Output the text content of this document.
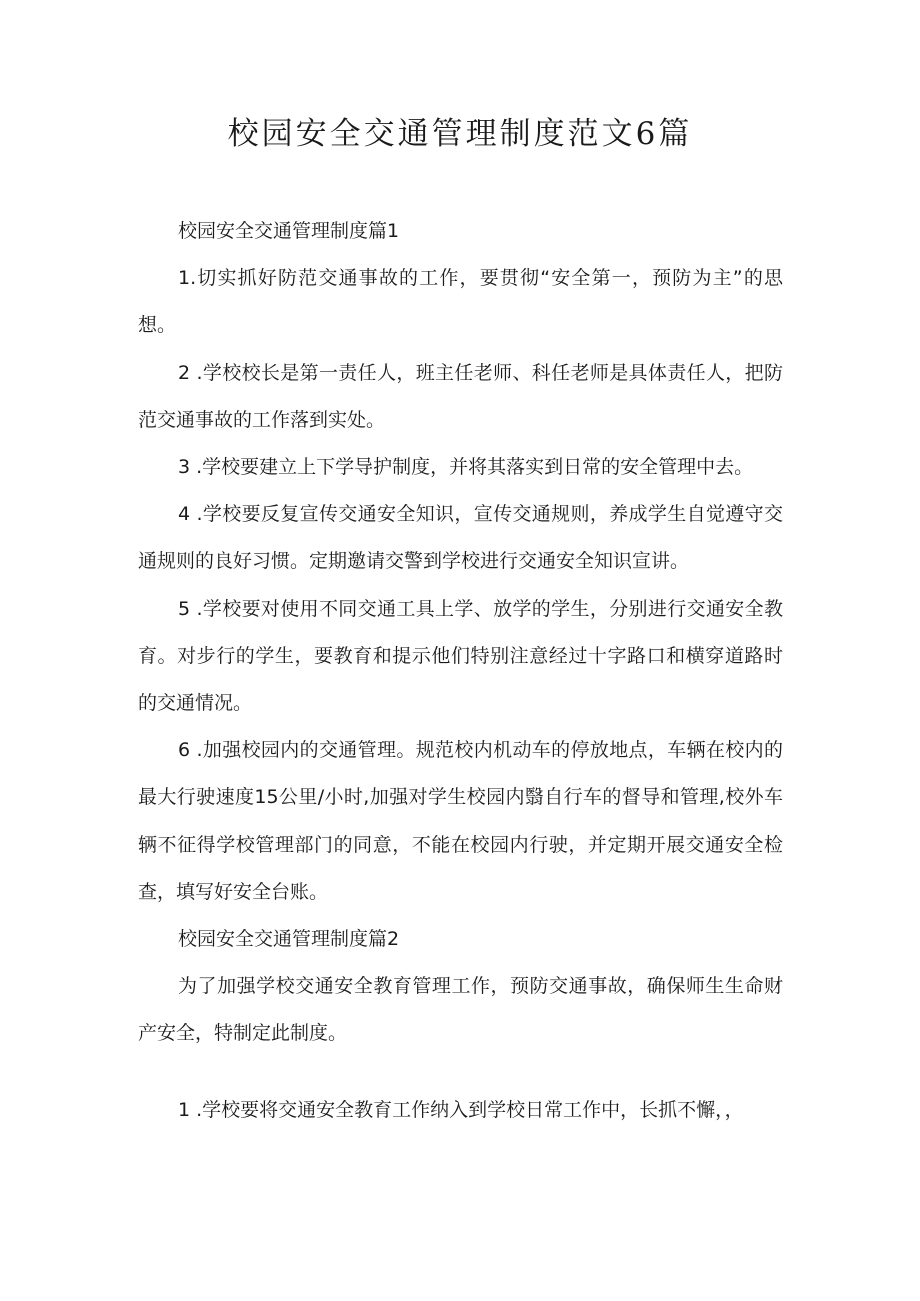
校园安全交通管理制度范文6篇

校园安全交通管理制度篇1

1.切实抓好防范交通事故的工作，要贯彻“安全第一，预防为主”的思想。

2 .学校校长是第一责任人，班主任老师、科任老师是具体责任人，把防范交通事故的工作落到实处。

3 .学校要建立上下学导护制度，并将其落实到日常的安全管理中去。

4 .学校要反复宣传交通安全知识，宣传交通规则，养成学生自觉遵守交通规则的良好习惯。定期邀请交警到学校进行交通安全知识宣讲。

5 .学校要对使用不同交通工具上学、放学的学生，分别进行交通安全教育。对步行的学生，要教育和提示他们特别注意经过十字路口和横穿道路时的交通情况。

6 .加强校园内的交通管理。规范校内机动车的停放地点，车辆在校内的最大行驶速度15公里/小时,加强对学生校园内翳自行车的督导和管理,校外车辆不征得学校管理部门的同意，不能在校园内行驶，并定期开展交通安全检查，填写好安全台账。

校园安全交通管理制度篇2

为了加强学校交通安全教育管理工作，预防交通事故，确保师生生命财产安全，特制定此制度。

1 .学校要将交通安全教育工作纳入到学校日常工作中，长抓不懈，，
